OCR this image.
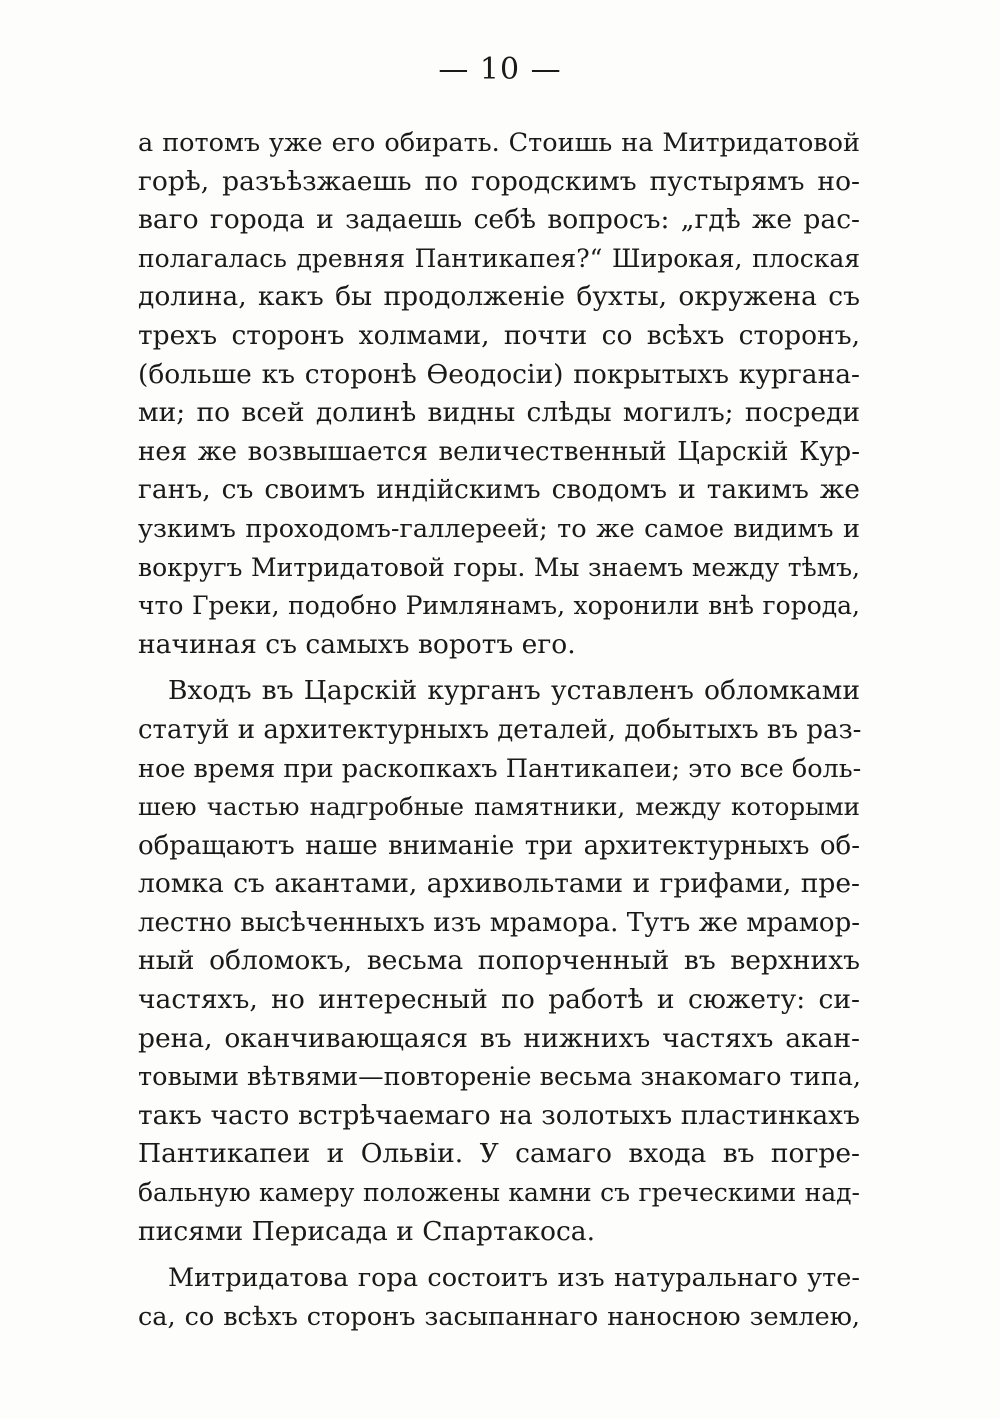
— 10 —
а потомъ уже его обирать. Стоишь на Митридатовой
горѣ, разъѣзжаешь по городскимъ пустырямъ но-
ваго города и задаешь себѣ вопросъ: „гдѣ же рас-
полагалась древняя Пантикапея?“ Широкая, плоская
долина, какъ бы продолженіе бухты, окружена съ
трехъ сторонъ холмами, почти со всѣхъ сторонъ,
(больше къ сторонѣ Ѳеодосіи) покрытыхъ курганa-
ми; по всей долинѣ видны слѣды могилъ; посреди
нея же возвышается величественный Царскій Кур-
ганъ, съ своимъ индійскимъ сводомъ и такимъ же
узкимъ проходомъ-галлереей; то же самое видимъ и
вокругъ Митридатовой горы. Мы знаемъ между тѣмъ,
что Греки, подобно Римлянамъ, хоронили внѣ города,
начиная съ самыхъ воротъ его.
Входъ въ Царскій курганъ уставленъ обломками
статуй и архитектурныхъ деталей, добытыхъ въ раз-
ное время при раскопкахъ Пантикапеи; это все боль-
шею частью надгробные памятники, между которыми
обращаютъ наше вниманіе три архитектурныхъ об-
ломка съ акантами, архивольтами и грифами, пре-
лестно высѣченныхъ изъ мрамора. Тутъ же мрамор-
ный обломокъ, весьма попорченный въ верхнихъ
частяхъ, но интересный по работѣ и сюжету: си-
рена, оканчивающаяся въ нижнихъ частяхъ акан-
товыми вѣтвями—повтореніе весьма знакомаго типа,
такъ часто встрѣчаемаго на золотыхъ пластинкахъ
Пантикапеи и Ольвіи. У самаго входа въ погре-
бальную камеру положены камни съ греческими над-
писями Перисада и Спартакоса.
Митридатова гора состоитъ изъ натуральнаго уте-
са, со всѣхъ сторонъ засыпаннаго наносною землею,
